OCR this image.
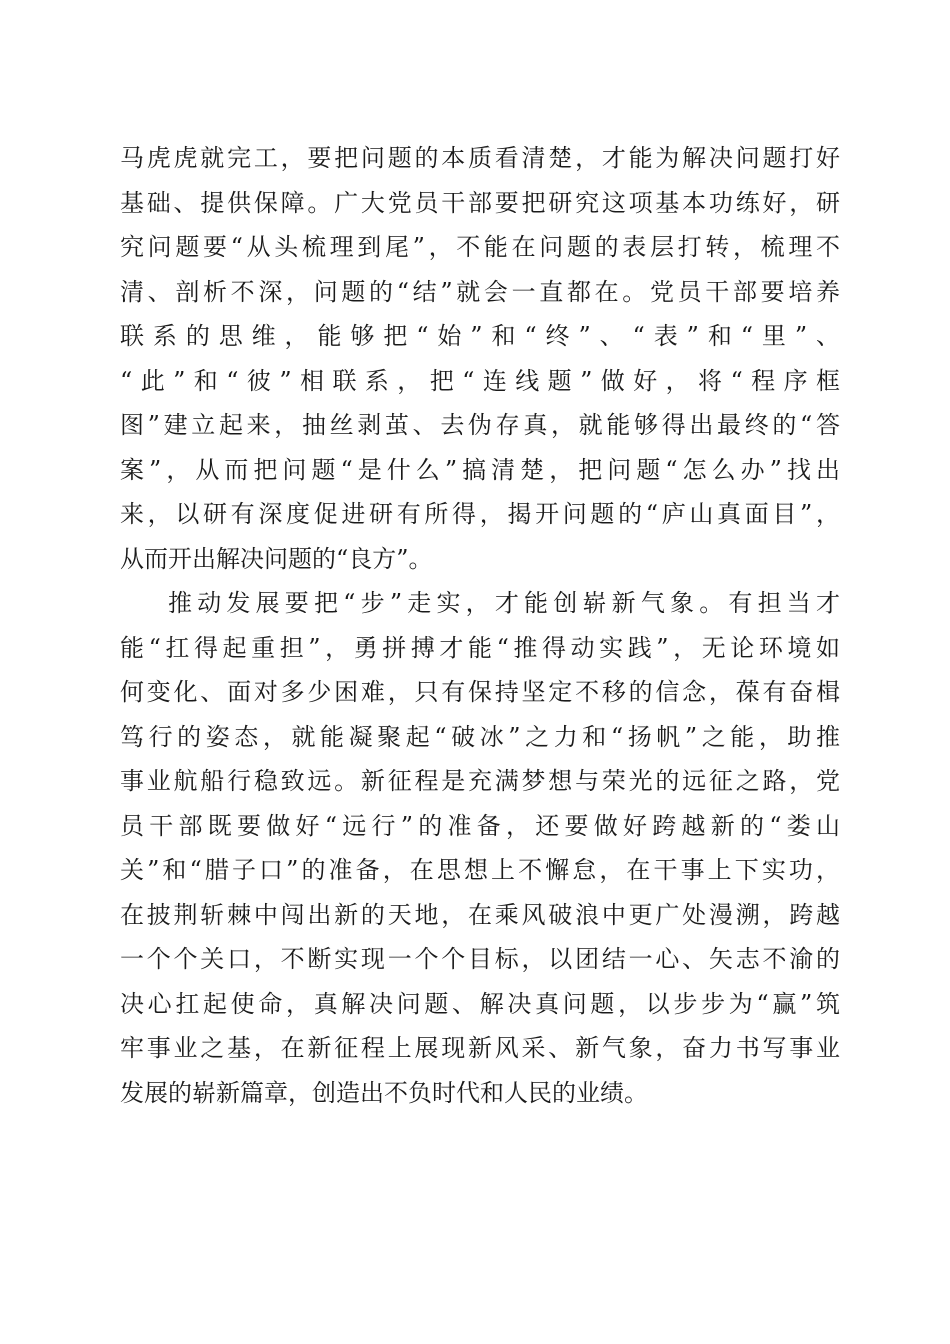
马虎虎就完工，要把问题的本质看清楚，才能为解决问题打好
基础、提供保障。广大党员干部要把研究这项基本功练好，研
究问题要“从头梳理到尾”，不能在问题的表层打转，梳理不
清、剖析不深，问题的“结”就会一直都在。党员干部要培养
联系的思维，能够把“始”和“终”、“表”和“里”、
“此”和“彼”相联系，把“连线题”做好，将“程序框
图”建立起来，抽丝剥茧、去伪存真，就能够得出最终的“答
案”，从而把问题“是什么”搞清楚，把问题“怎么办”找出
来，以研有深度促进研有所得，揭开问题的“庐山真面目”，
从而开出解决问题的“良方”。
推动发展要把“步”走实，才能创崭新气象。有担当才
能“扛得起重担”，勇拼搏才能“推得动实践”，无论环境如
何变化、面对多少困难，只有保持坚定不移的信念，葆有奋楫
笃行的姿态，就能凝聚起“破冰”之力和“扬帆”之能，助推
事业航船行稳致远。新征程是充满梦想与荣光的远征之路，党
员干部既要做好“远行”的准备，还要做好跨越新的“娄山
关”和“腊子口”的准备，在思想上不懈怠，在干事上下实功，
在披荆斩棘中闯出新的天地，在乘风破浪中更广处漫溯，跨越
一个个关口，不断实现一个个目标，以团结一心、矢志不渝的
决心扛起使命，真解决问题、解决真问题，以步步为“赢”筑
牢事业之基，在新征程上展现新风采、新气象，奋力书写事业
发展的崭新篇章，创造出不负时代和人民的业绩。
